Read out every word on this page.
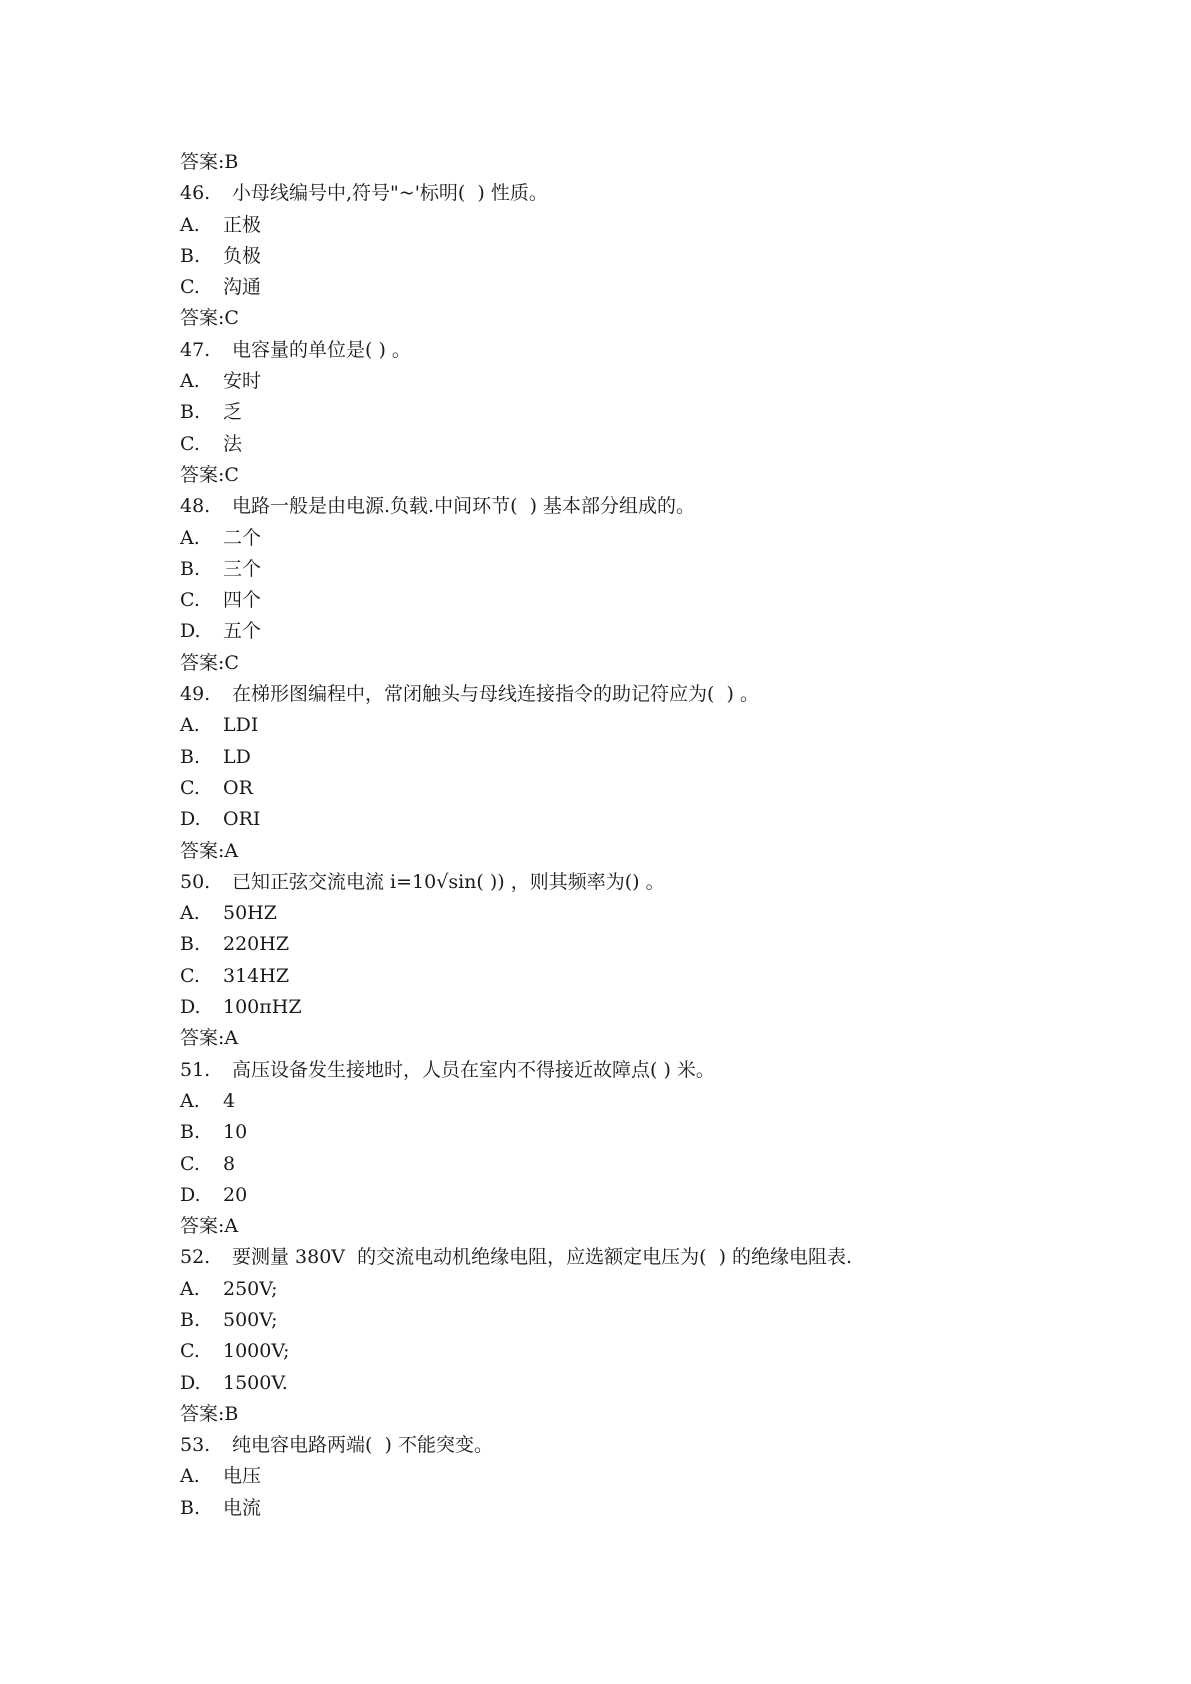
答案:B
46.	小母线编号中,符号"~'标明(  ) 性质。
A.	正极
B.	负极
C.	沟通
答案:C
47.	电容量的单位是( ) 。
A.	安时
B.	乏
C.	法
答案:C
48.	电路一般是由电源.负载.中间环节(  ) 基本部分组成的。
A.	二个
B.	三个
C.	四个
D.	五个
答案:C
49.	在梯形图编程中，常闭触头与母线连接指令的助记符应为(  ) 。
A.	LDI
B.	LD
C.	OR
D.	ORI
答案:A
50.	已知正弦交流电流 i=10√sin( )) ，则其频率为() 。
A.	50HZ
B.	220HZ
C.	314HZ
D.	100πHZ
答案:A
51.	高压设备发生接地时，人员在室内不得接近故障点( ) 米。
A.	4
B.	10
C.	8
D.	20
答案:A
52.	要测量 380V  的交流电动机绝缘电阻，应选额定电压为(  ) 的绝缘电阻表.
A.	250V;
B.	500V;
C.	1000V;
D.	1500V.
答案:B
53.	纯电容电路两端(  ) 不能突变。
A.	电压
B.	电流
